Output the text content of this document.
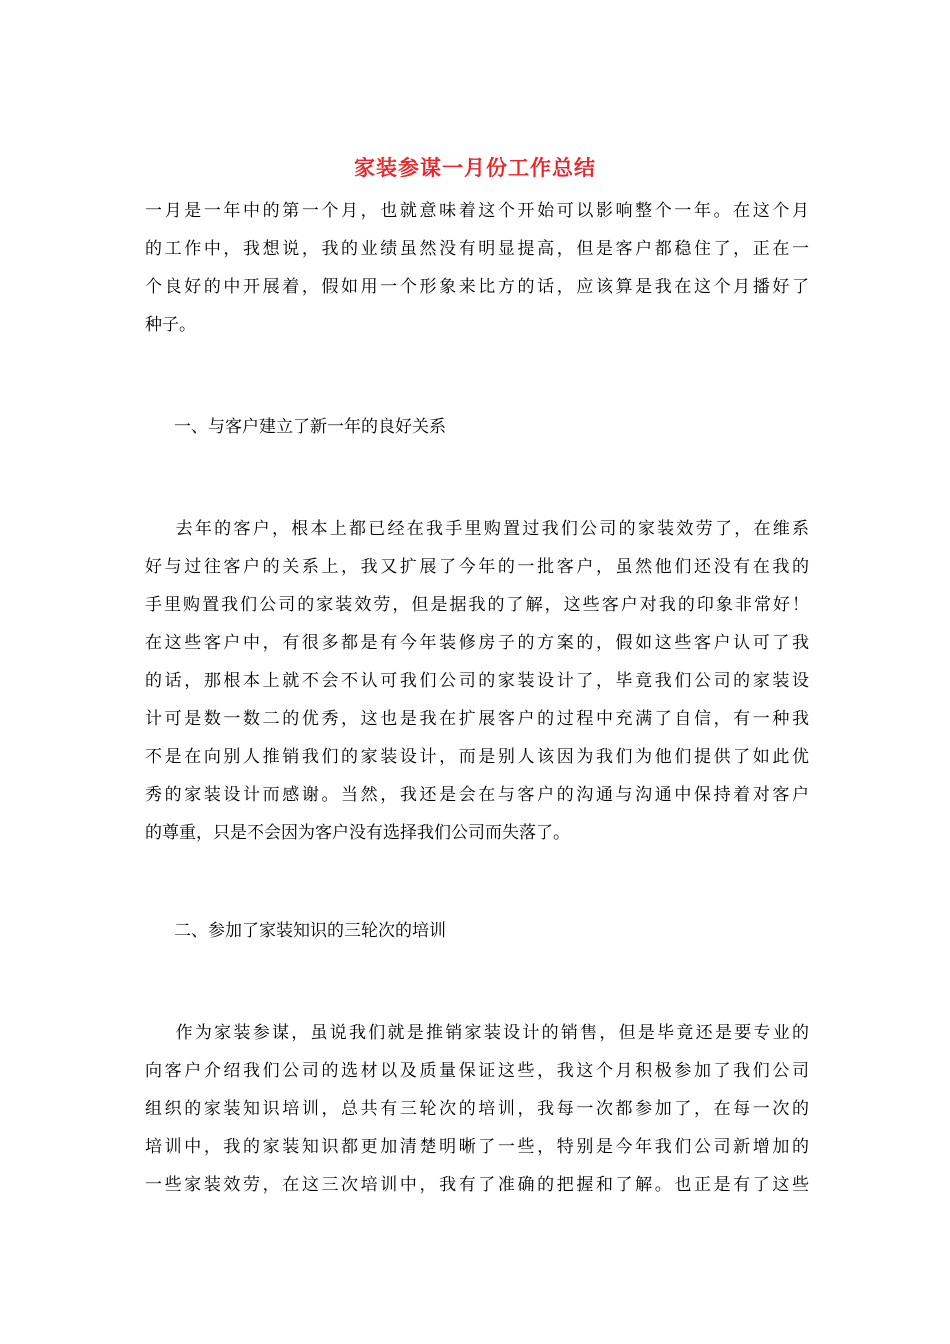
家装参谋一月份工作总结
一月是一年中的第一个月，也就意味着这个开始可以影响整个一年。在这个月
的工作中，我想说，我的业绩虽然没有明显提高，但是客户都稳住了，正在一
个良好的中开展着，假如用一个形象来比方的话，应该算是我在这个月播好了
种子。

一、与客户建立了新一年的良好关系

去年的客户，根本上都已经在我手里购置过我们公司的家装效劳了，在维系
好与过往客户的关系上，我又扩展了今年的一批客户，虽然他们还没有在我的
手里购置我们公司的家装效劳，但是据我的了解，这些客户对我的印象非常好！
在这些客户中，有很多都是有今年装修房子的方案的，假如这些客户认可了我
的话，那根本上就不会不认可我们公司的家装设计了，毕竟我们公司的家装设
计可是数一数二的优秀，这也是我在扩展客户的过程中充满了自信，有一种我
不是在向别人推销我们的家装设计，而是别人该因为我们为他们提供了如此优
秀的家装设计而感谢。当然，我还是会在与客户的沟通与沟通中保持着对客户
的尊重，只是不会因为客户没有选择我们公司而失落了。

二、参加了家装知识的三轮次的培训

作为家装参谋，虽说我们就是推销家装设计的销售，但是毕竟还是要专业的
向客户介绍我们公司的选材以及质量保证这些，我这个月积极参加了我们公司
组织的家装知识培训，总共有三轮次的培训，我每一次都参加了，在每一次的
培训中，我的家装知识都更加清楚明晰了一些，特别是今年我们公司新增加的
一些家装效劳，在这三次培训中，我有了准确的把握和了解。也正是有了这些
